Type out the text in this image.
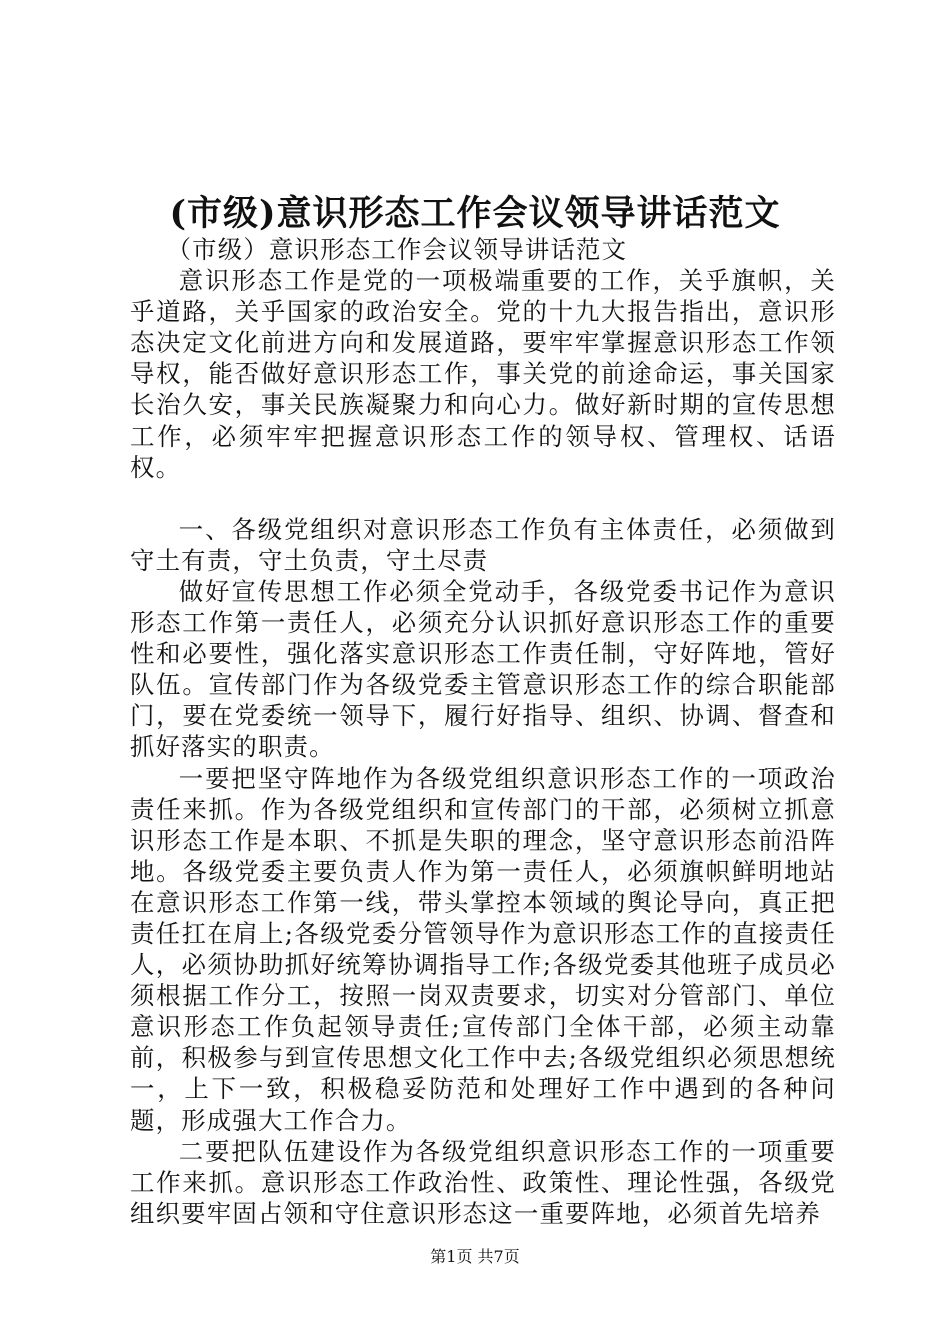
(市级)意识形态工作会议领导讲话范文

（市级）意识形态工作会议领导讲话范文

意识形态工作是党的一项极端重要的工作，关乎旗帜，关乎道路，关乎国家的政治安全。党的十九大报告指出，意识形态决定文化前进方向和发展道路，要牢牢掌握意识形态工作领导权，能否做好意识形态工作，事关党的前途命运，事关国家长治久安，事关民族凝聚力和向心力。做好新时期的宣传思想工作，必须牢牢把握意识形态工作的领导权、管理权、话语权。

一、各级党组织对意识形态工作负有主体责任，必须做到守土有责，守土负责，守土尽责

做好宣传思想工作必须全党动手，各级党委书记作为意识形态工作第一责任人，必须充分认识抓好意识形态工作的重要性和必要性，强化落实意识形态工作责任制，守好阵地，管好队伍。宣传部门作为各级党委主管意识形态工作的综合职能部门，要在党委统一领导下，履行好指导、组织、协调、督查和抓好落实的职责。

一要把坚守阵地作为各级党组织意识形态工作的一项政治责任来抓。作为各级党组织和宣传部门的干部，必须树立抓意识形态工作是本职、不抓是失职的理念，坚守意识形态前沿阵地。各级党委主要负责人作为第一责任人，必须旗帜鲜明地站在意识形态工作第一线，带头掌控本领域的舆论导向，真正把责任扛在肩上;各级党委分管领导作为意识形态工作的直接责任人，必须协助抓好统筹协调指导工作;各级党委其他班子成员必须根据工作分工，按照一岗双责要求，切实对分管部门、单位意识形态工作负起领导责任;宣传部门全体干部，必须主动靠前，积极参与到宣传思想文化工作中去;各级党组织必须思想统一，上下一致，积极稳妥防范和处理好工作中遇到的各种问题，形成强大工作合力。

二要把队伍建设作为各级党组织意识形态工作的一项重要工作来抓。意识形态工作政治性、政策性、理论性强，各级党组织要牢固占领和守住意识形态这一重要阵地，必须首先培养

第1页 共7页
